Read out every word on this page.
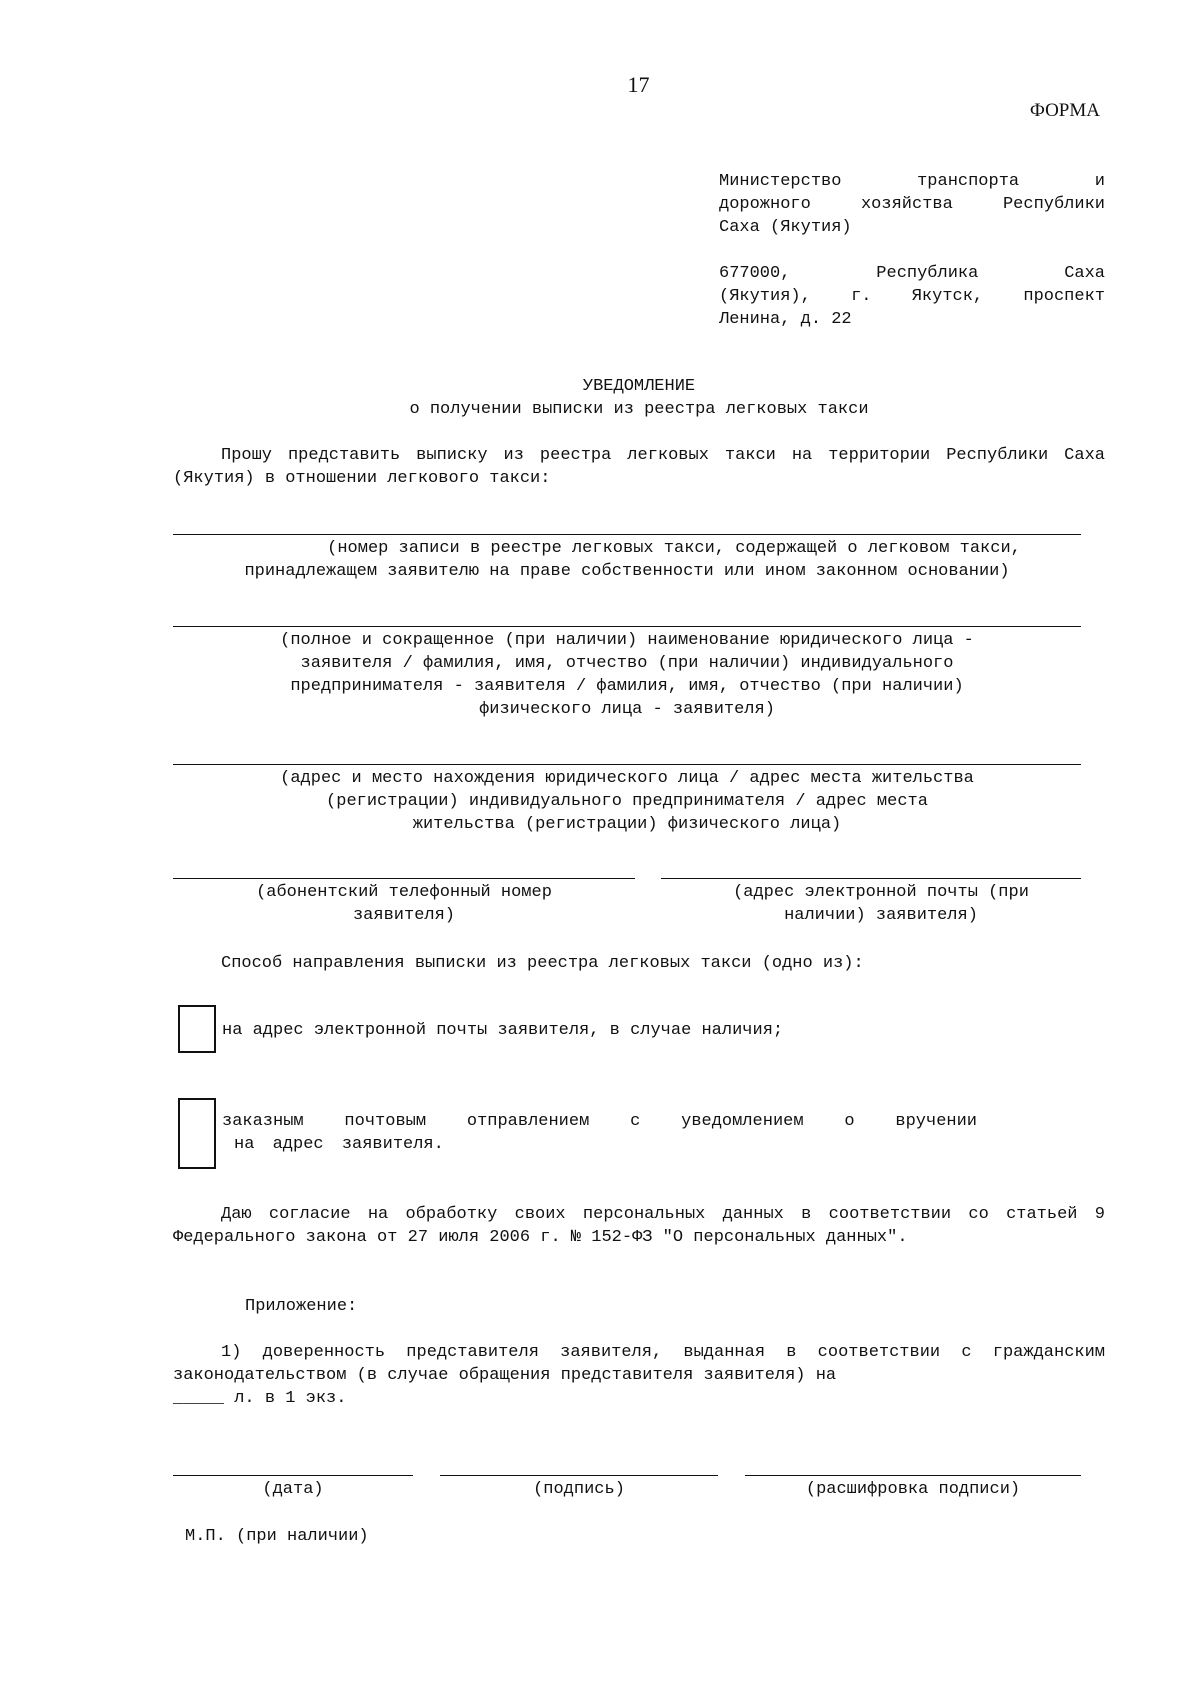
17
ФОРМА
Министерство транспорта и
дорожного хозяйства Республики
Саха (Якутия)
677000, Республика Саха
(Якутия), г. Якутск, проспект
Ленина, д. 22
УВЕДОМЛЕНИЕ
о получении выписки из реестра легковых такси
Прошу представить выписку из реестра легковых такси на территории Республики Саха (Якутия) в отношении легкового такси:
(номер записи в реестре легковых такси, содержащей о легковом такси,
принадлежащем заявителю на праве собственности или ином законном основании)
(полное и сокращенное (при наличии) наименование юридического лица -
заявителя / фамилия, имя, отчество (при наличии) индивидуального
предпринимателя - заявителя / фамилия, имя, отчество (при наличии)
физического лица - заявителя)
(адрес и место нахождения юридического лица / адрес места жительства
(регистрации) индивидуального предпринимателя / адрес места
жительства (регистрации) физического лица)
(абонентский телефонный номер
заявителя)
(адрес электронной почты (при
наличии) заявителя)
Способ направления выписки из реестра легковых такси (одно из):
на адрес электронной почты заявителя, в случае наличия;
заказным почтовым отправлением с уведомлением о вручении
на адрес заявителя.
Даю согласие на обработку своих персональных данных в соответствии со статьей 9 Федерального закона от 27 июля 2006 г. № 152-ФЗ "О персональных данных".
Приложение:
1) доверенность представителя заявителя, выданная в соответствии с гражданским законодательством (в случае обращения представителя заявителя) на
_____ л. в 1 экз.
(дата)	(подпись)	(расшифровка подписи)
М.П. (при наличии)
